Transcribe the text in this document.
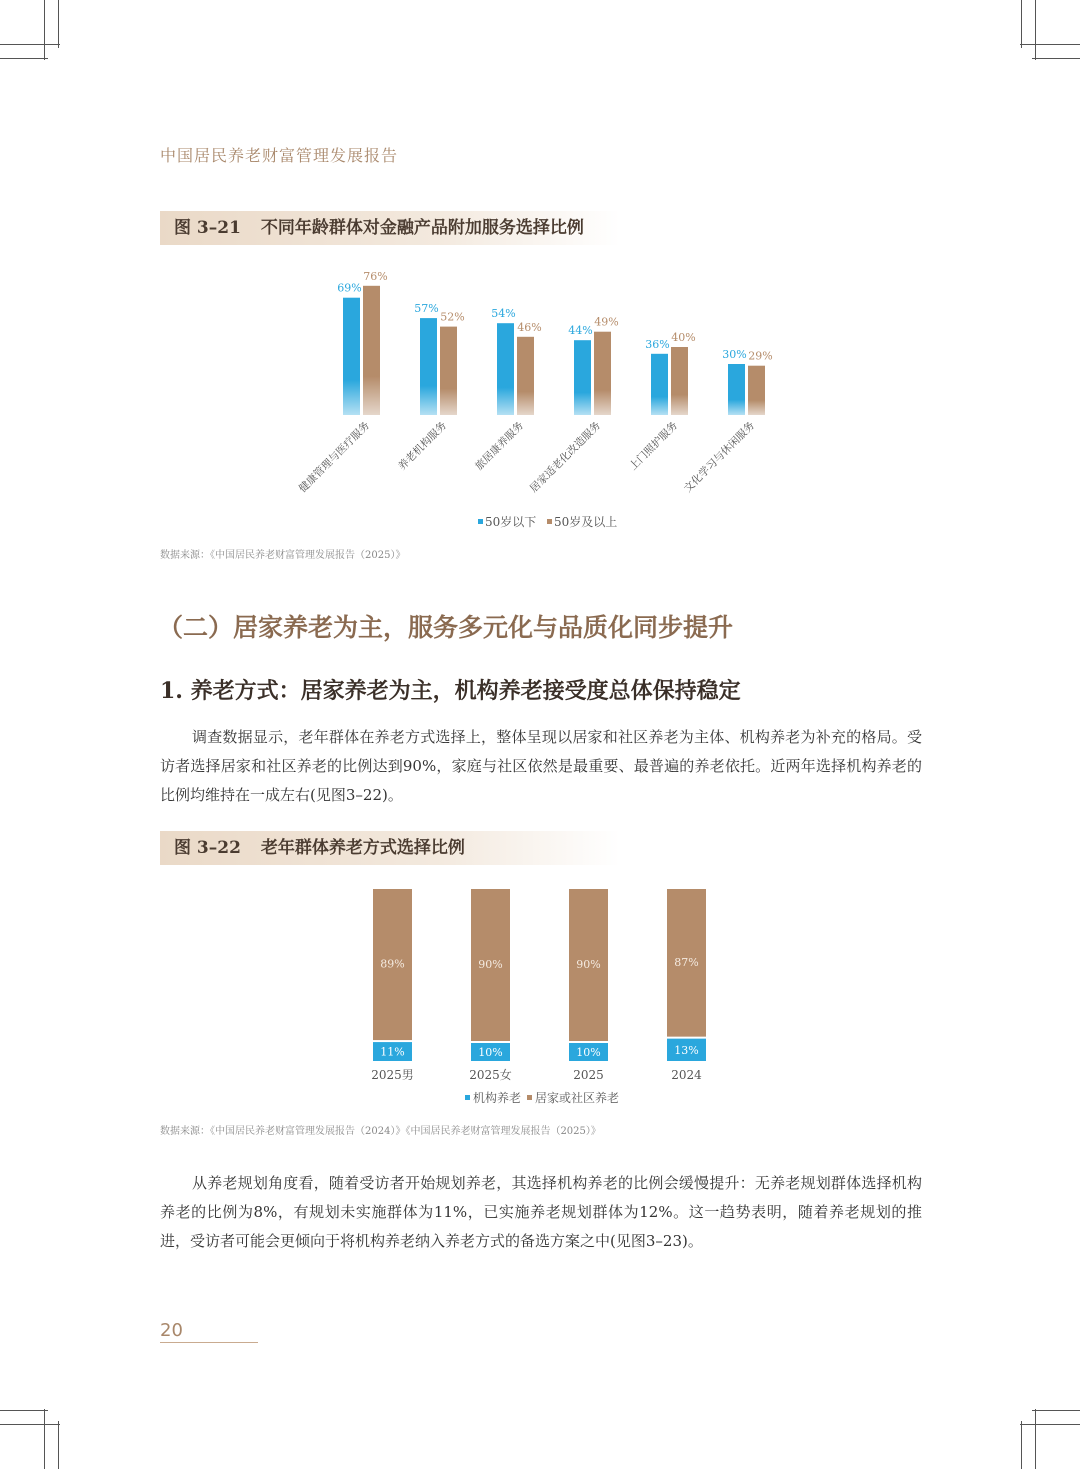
中国居民养老财富管理发展报告
图 3–21 不同年龄群体对金融产品附加服务选择比例
69%
76%
健康管理与医疗服务
57%
52%
养老机构服务
54%
46%
旅居康养服务
44%
49%
居家适老化改造服务
36%
40%
上门照护服务
30% 29%
文化学习与休闲服务
50岁以下 50岁及以上
数据来源：《中国居民养老财富管理发展报告（2025）》
（二）居家养老为主，服务多元化与品质化同步提升
1. 养老方式：居家养老为主，机构养老接受度总体保持稳定
调查数据显示，老年群体在养老方式选择上，整体呈现以居家和社区养老为主体、机构养老为补充的格局。受访者选择居家和社区养老的比例达到90%，家庭与社区依然是最重要、最普遍的养老依托。近两年选择机构养老的比例均维持在一成左右(见图3–22)。
图 3–22 老年群体养老方式选择比例
89%
11%
2025男
90%
10%
2025女
90%
10%
2025
87%
13%
2024
机构养老 居家或社区养老
数据来源：《中国居民养老财富管理发展报告（2024）》《中国居民养老财富管理发展报告（2025）》
从养老规划角度看，随着受访者开始规划养老，其选择机构养老的比例会缓慢提升：无养老规划群体选择机构养老的比例为8%，有规划未实施群体为11%，已实施养老规划群体为12%。这一趋势表明，随着养老规划的推进，受访者可能会更倾向于将机构养老纳入养老方式的备选方案之中(见图3–23)。
20
